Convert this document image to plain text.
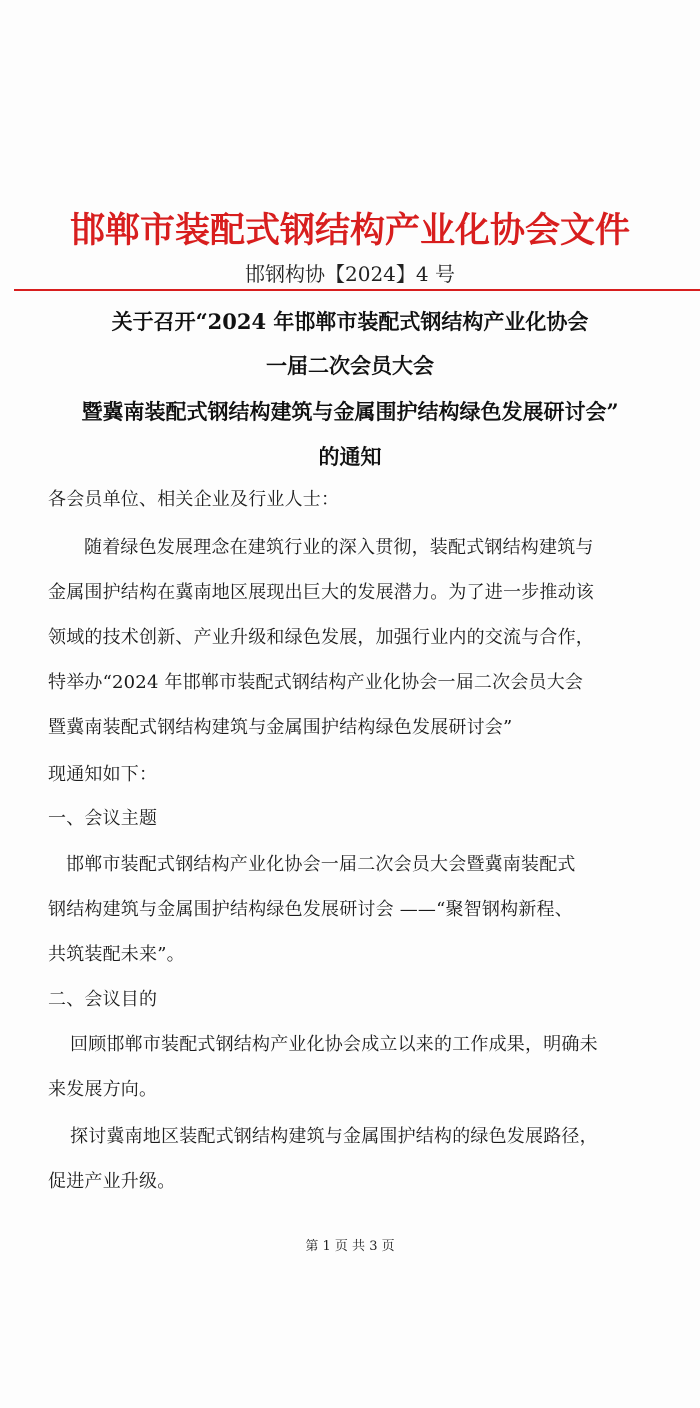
邯郸市装配式钢结构产业化协会文件
邯钢构协【2024】4 号
关于召开“2024 年邯郸市装配式钢结构产业化协会
一届二次会员大会
暨冀南装配式钢结构建筑与金属围护结构绿色发展研讨会”
的通知
各会员单位、相关企业及行业人士：
随着绿色发展理念在建筑行业的深入贯彻，装配式钢结构建筑与
金属围护结构在冀南地区展现出巨大的发展潜力。为了进一步推动该
领域的技术创新、产业升级和绿色发展，加强行业内的交流与合作，
特举办“2024 年邯郸市装配式钢结构产业化协会一届二次会员大会
暨冀南装配式钢结构建筑与金属围护结构绿色发展研讨会”
现通知如下：
一、会议主题
邯郸市装配式钢结构产业化协会一届二次会员大会暨冀南装配式
钢结构建筑与金属围护结构绿色发展研讨会 ——“聚智钢构新程、
共筑装配未来”。
二、会议目的
回顾邯郸市装配式钢结构产业化协会成立以来的工作成果，明确未
来发展方向。
探讨冀南地区装配式钢结构建筑与金属围护结构的绿色发展路径，
促进产业升级。
第 1 页 共 3 页
